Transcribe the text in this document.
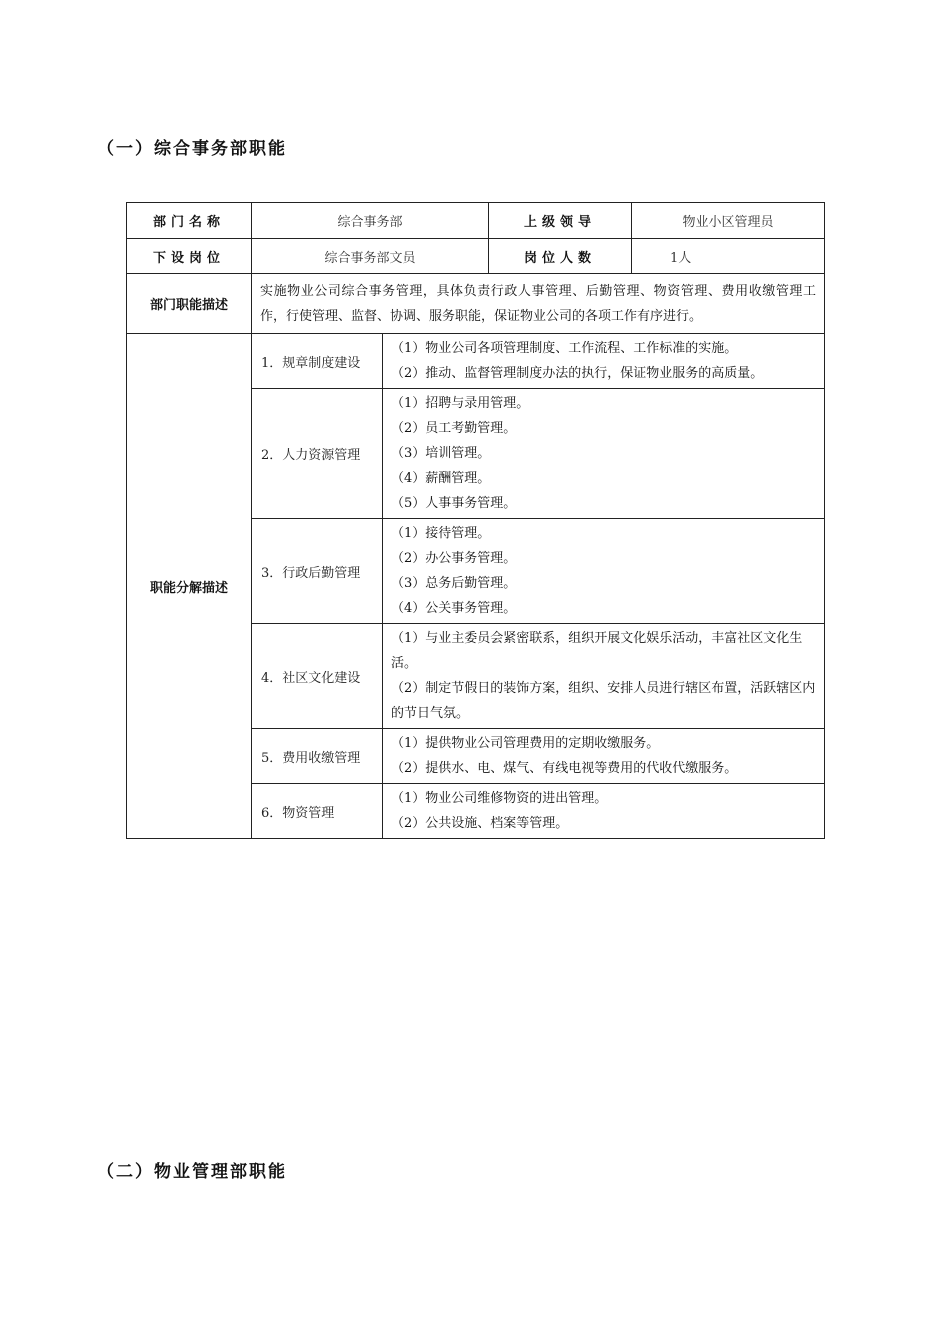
（一）综合事务部职能
部门名称	综合事务部		上级领导	物业小区管理员
下设岗位	综合事务部文员		岗位人数	1人
部门职能描述	实施物业公司综合事务管理，具体负责行政人事管理、后勤管理、物资管理、费用收缴管理工作，行使管理、监督、协调、服务职能，保证物业公司的各项工作有序进行。			
职能分解描述	1．规章制度建设	（1）物业公司各项管理制度、工作流程、工作标准的实施。
（2）推动、监督管理制度办法的执行，保证物业服务的高质量。		

	2．人力资源管理	（1）招聘与录用管理。
（2）员工考勤管理。
（3）培训管理。
（4）薪酬管理。
（5）人事事务管理。		

	3．行政后勤管理	（1）接待管理。
（2）办公事务管理。
（3）总务后勤管理。
（4）公关事务管理。		

	4．社区文化建设	（1）与业主委员会紧密联系，组织开展文化娱乐活动，丰富社区文化生活。
（2）制定节假日的装饰方案，组织、安排人员进行辖区布置，活跃辖区内的节日气氛。		

	5．费用收缴管理	（1）提供物业公司管理费用的定期收缴服务。
（2）提供水、电、煤气、有线电视等费用的代收代缴服务。		

	6．物资管理	（1）物业公司维修物资的进出管理。
（2）公共设施、档案等管理。		
（二）物业管理部职能
